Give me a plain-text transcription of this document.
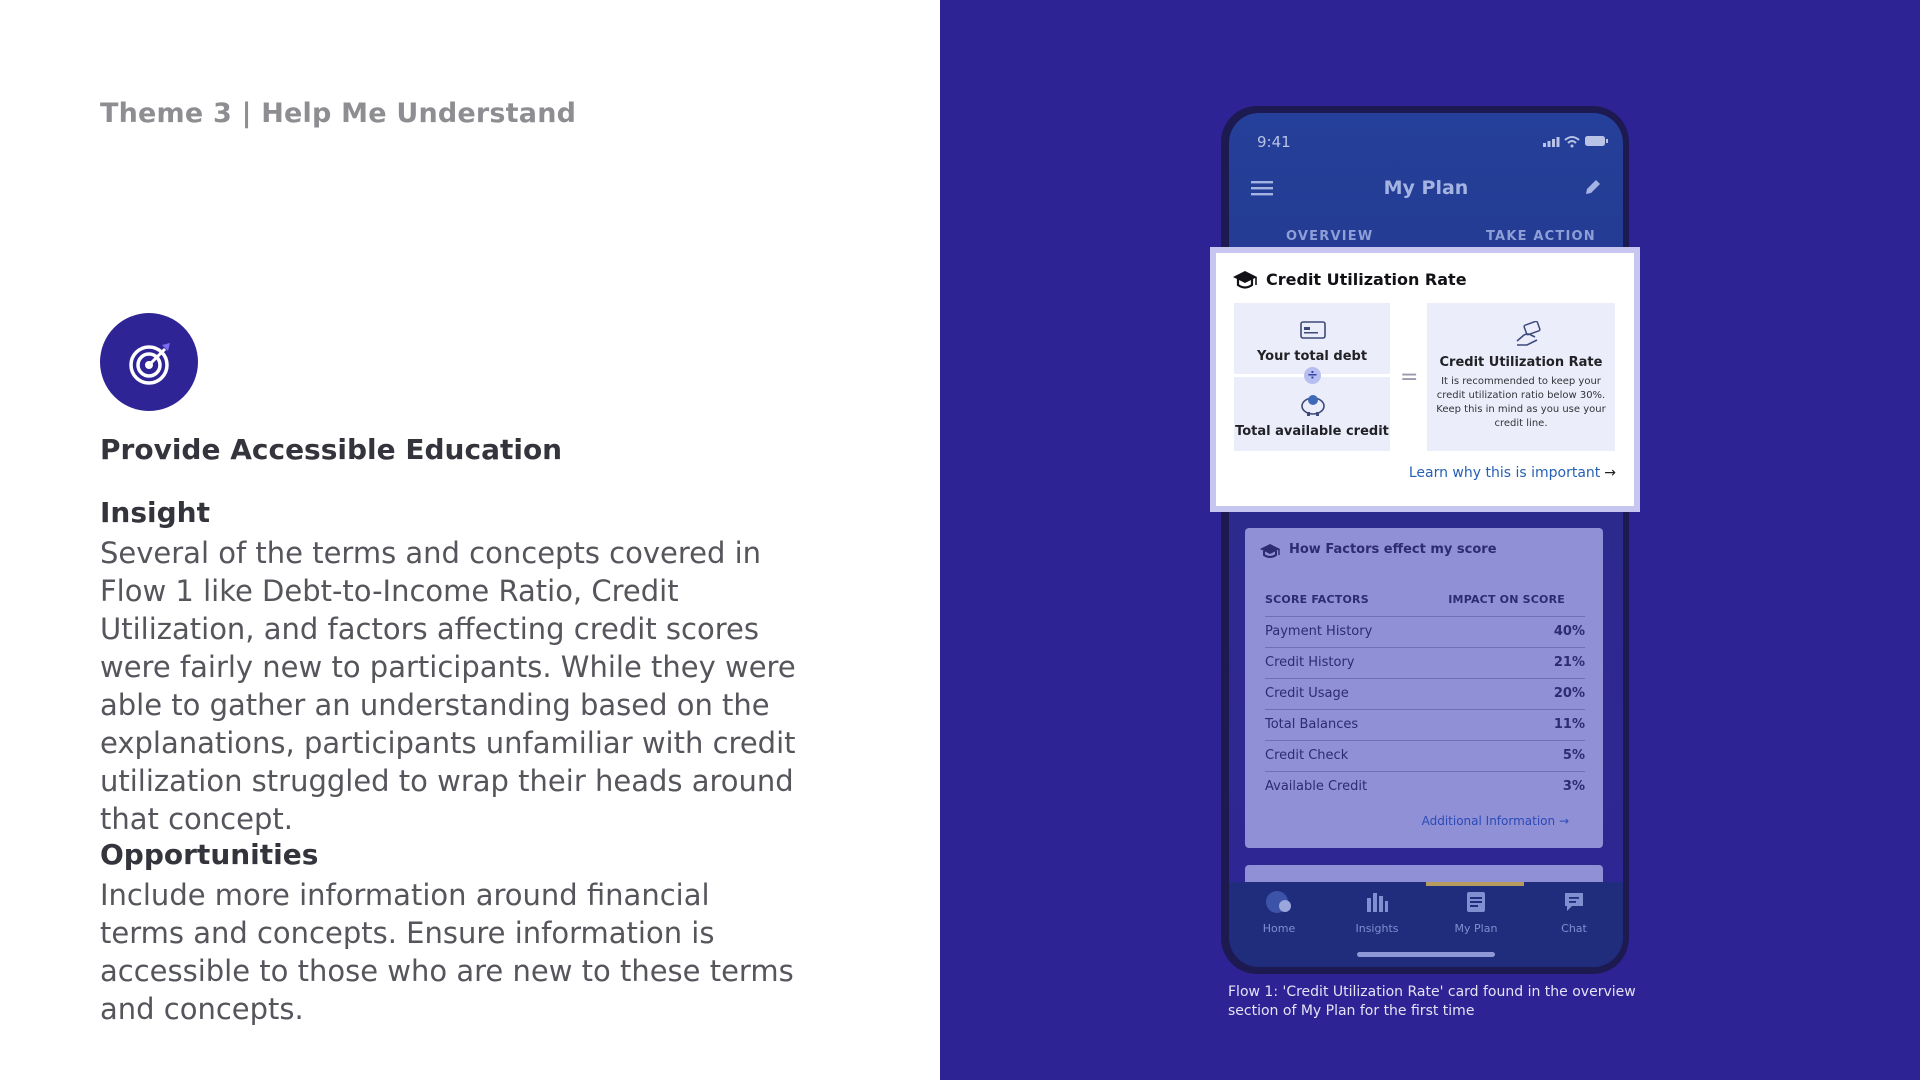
Theme 3 | Help Me Understand
Provide Accessible Education
Insight
Several of the terms and concepts covered in Flow 1 like Debt-to-Income Ratio, Credit Utilization, and factors affecting credit scores were fairly new to participants. While they were able to gather an understanding based on the explanations, participants unfamiliar with credit utilization struggled to wrap their heads around that concept.
Opportunities
Include more information around financial terms and concepts. Ensure information is accessible to those who are new to these terms and concepts.
9:41
My Plan
OVERVIEW	TAKE ACTION
How Factors effect my score
SCORE FACTORS	IMPACT ON SCORE
Payment History	40%
Credit History	21%
Credit Usage	20%
Total Balances	11%
Credit Check	5%
Available Credit	3%
Additional Information →
Home	Insights	My Plan	Chat
Credit Utilization Rate
Your total debt
÷
Total available credit
=
Credit Utilization Rate
It is recommended to keep your credit utilization ratio below 30%. Keep this in mind as you use your credit line.
Learn why this is important →
Flow 1: 'Credit Utilization Rate' card found in the overview section of My Plan for the first time
